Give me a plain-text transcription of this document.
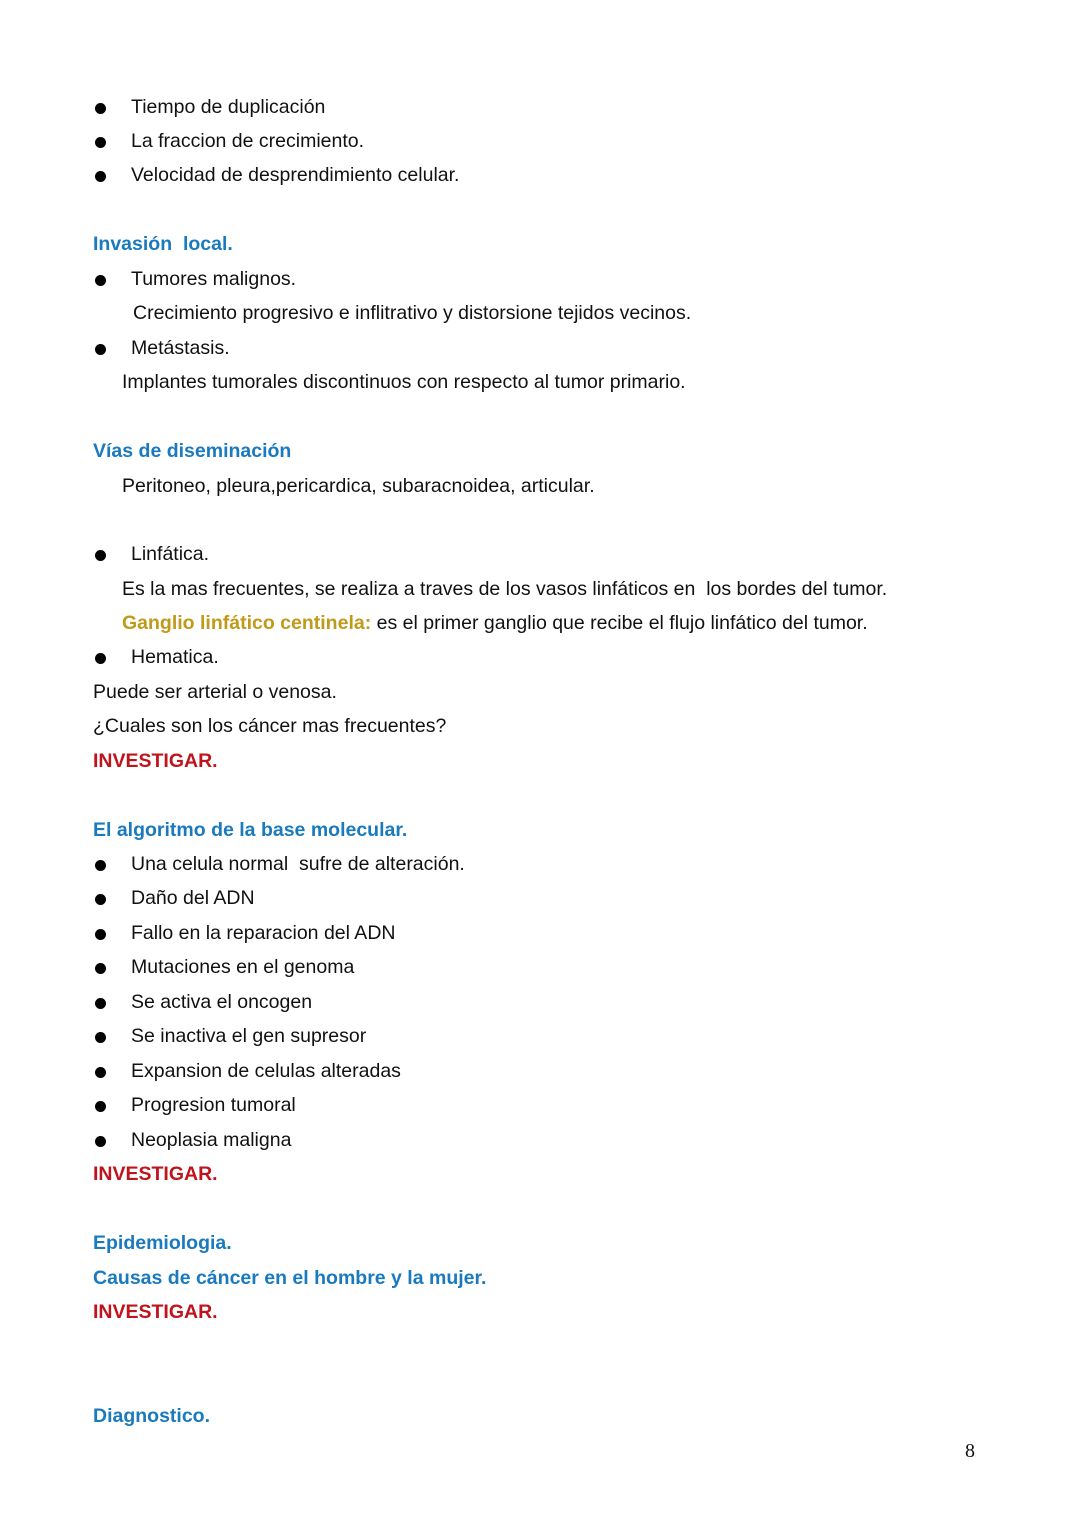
Tiempo de duplicación
La fraccion de crecimiento.
Velocidad de desprendimiento celular.
Invasión  local.
Tumores malignos.
Crecimiento progresivo e inflitrativo y distorsione tejidos vecinos.
Metástasis.
Implantes tumorales discontinuos con respecto al tumor primario.
Vías de diseminación
Peritoneo, pleura,pericardica, subaracnoidea, articular.
Linfática.
Es la mas frecuentes, se realiza a traves de los vasos linfáticos en  los bordes del tumor.
Ganglio linfático centinela: es el primer ganglio que recibe el flujo linfático del tumor.
Hematica.
Puede ser arterial o venosa.
¿Cuales son los cáncer mas frecuentes?
INVESTIGAR.
El algoritmo de la base molecular.
Una celula normal  sufre de alteración.
Daño del ADN
Fallo en la reparacion del ADN
Mutaciones en el genoma
Se activa el oncogen
Se inactiva el gen supresor
Expansion de celulas alteradas
Progresion tumoral
Neoplasia maligna
INVESTIGAR.
Epidemiologia.
Causas de cáncer en el hombre y la mujer.
INVESTIGAR.
Diagnostico.
8
